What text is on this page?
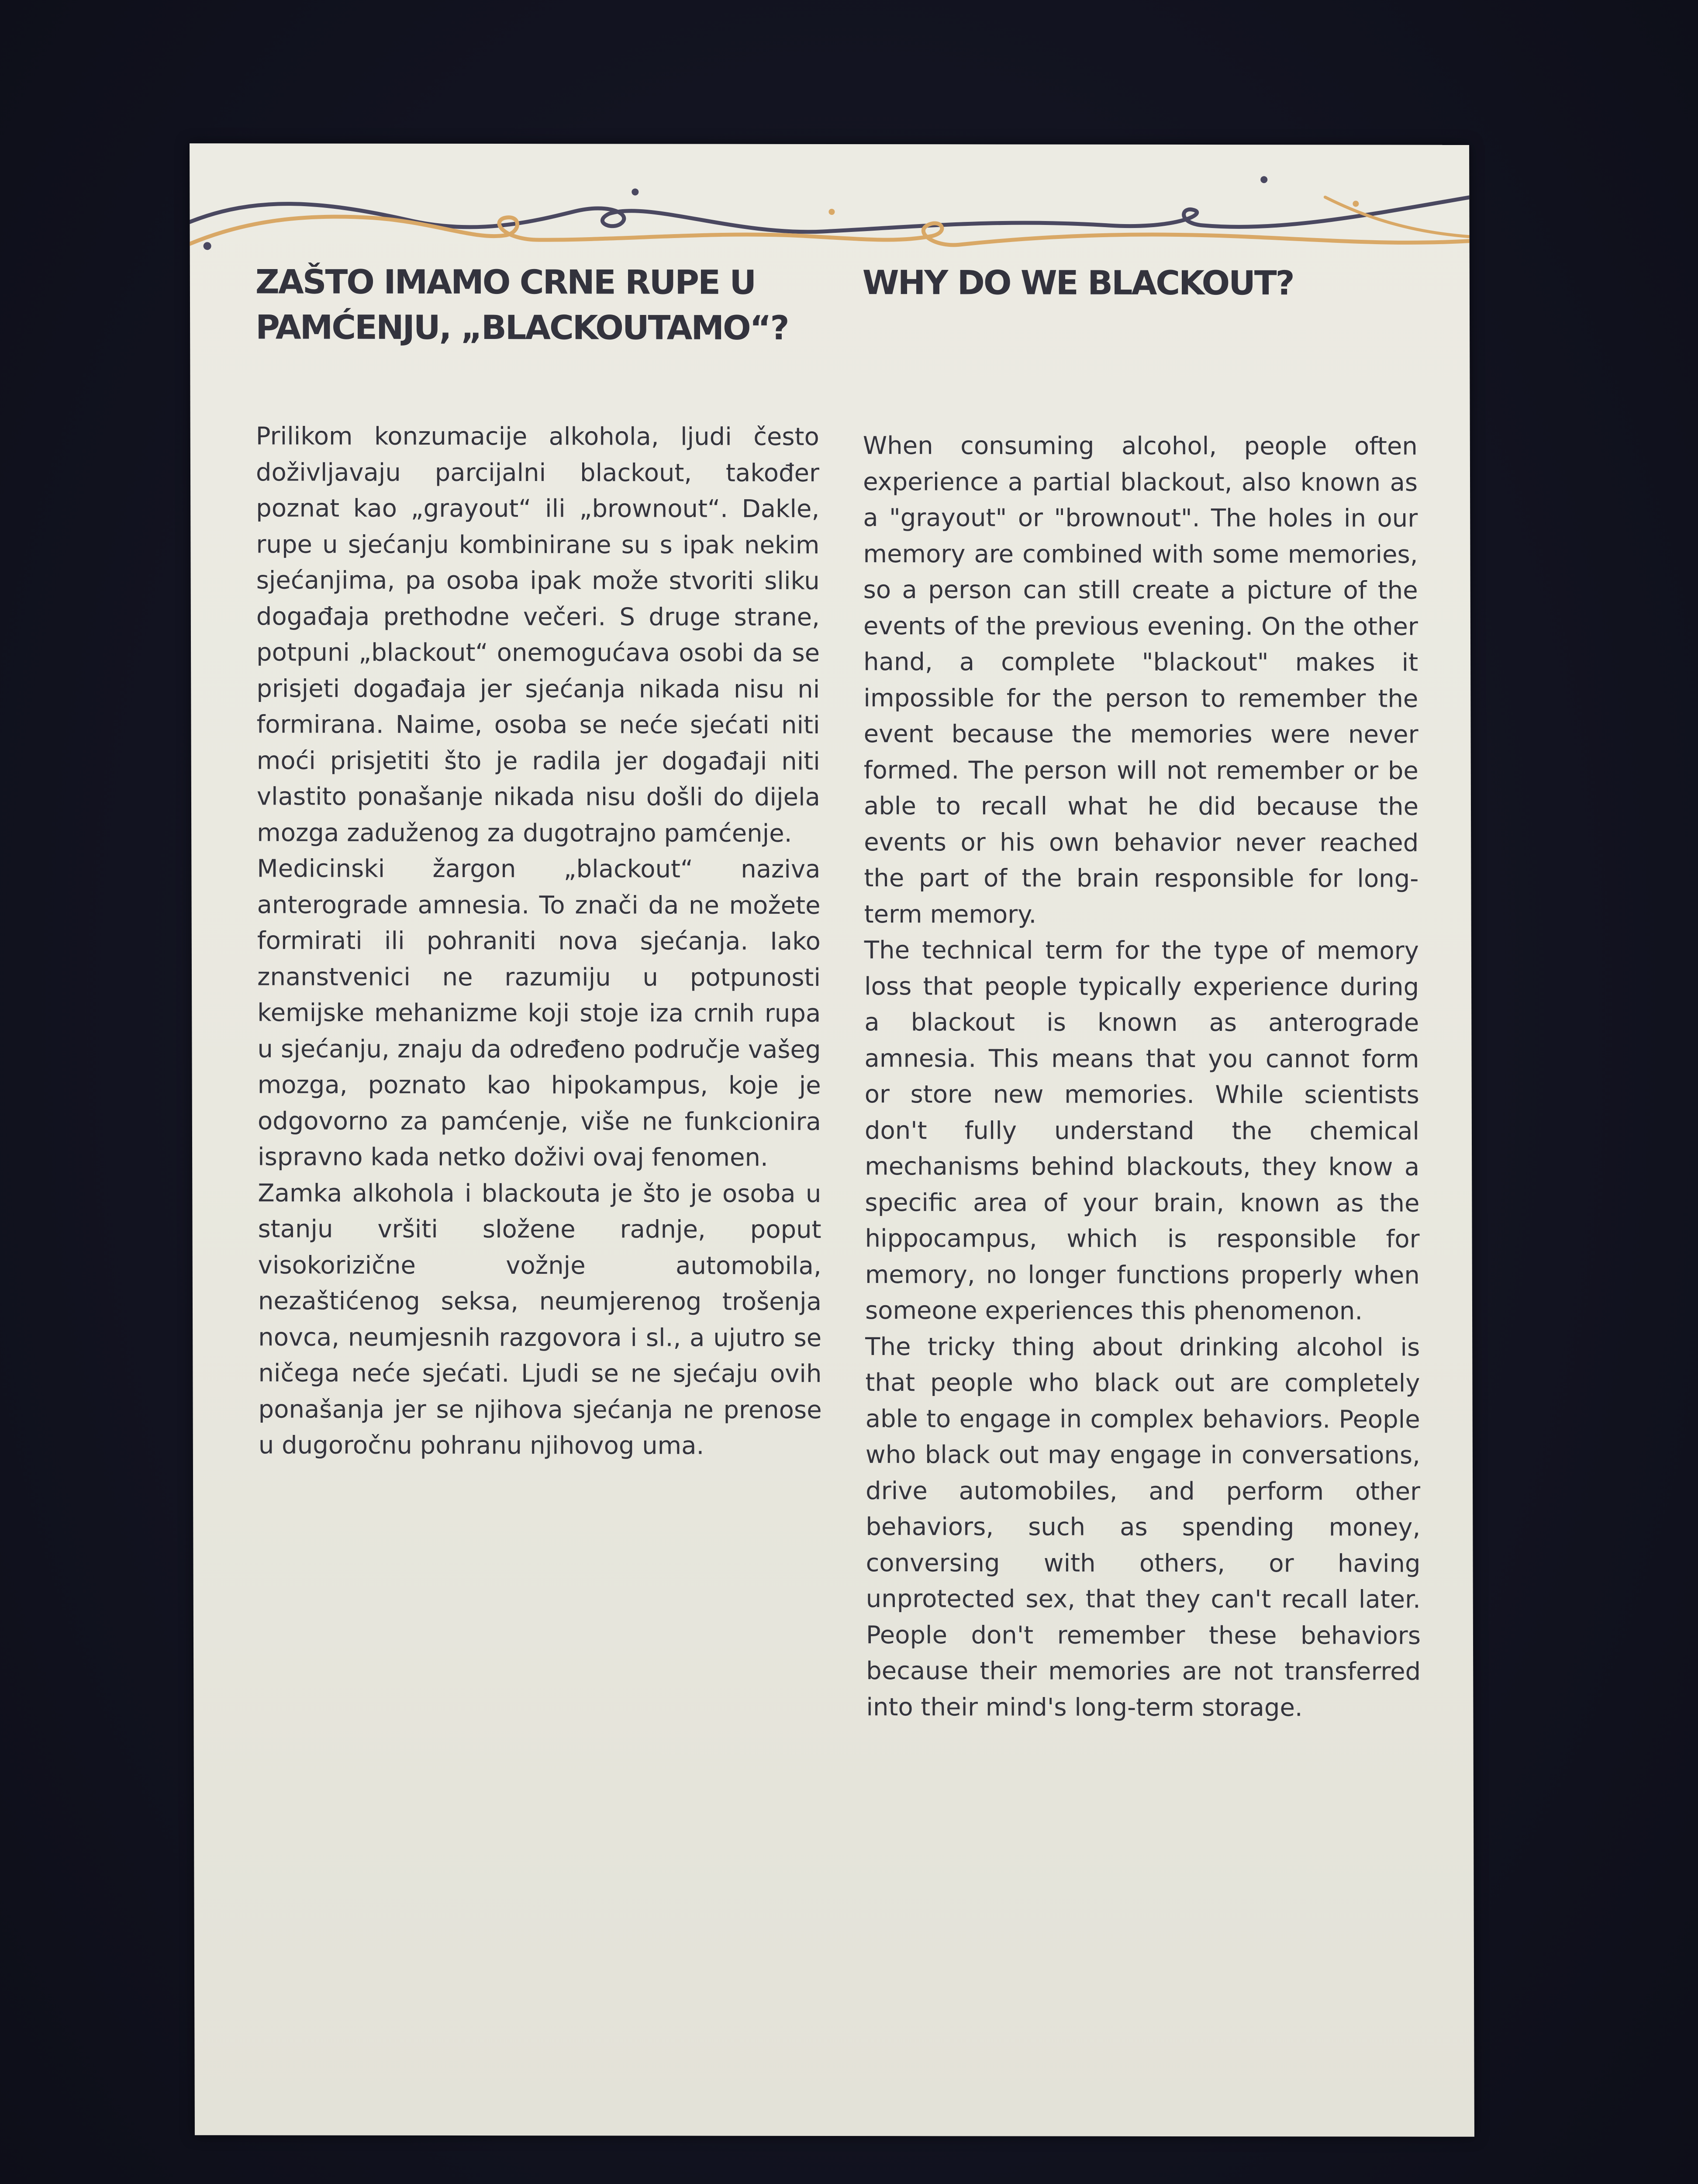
ZAŠTO IMAMO CRNE RUPE U PAMĆENJU, „BLACKOUTAMO“?

Prilikom konzumacije alkohola, ljudi često doživljavaju parcijalni blackout, također poznat kao „grayout“ ili „brownout“. Dakle, rupe u sjećanju kombinirane su s ipak nekim sjećanjima, pa osoba ipak može stvoriti sliku događaja prethodne večeri. S druge strane, potpuni „blackout“ onemogućava osobi da se prisjeti događaja jer sjećanja nikada nisu ni formirana. Naime, osoba se neće sjećati niti moći prisjetiti što je radila jer događaji niti vlastito ponašanje nikada nisu došli do dijela mozga zaduženog za dugotrajno pamćenje.

Medicinski žargon „blackout“ naziva anterograde amnesia. To znači da ne možete formirati ili pohraniti nova sjećanja. Iako znanstvenici ne razumiju u potpunosti kemijske mehanizme koji stoje iza crnih rupa u sjećanju, znaju da određeno područje vašeg mozga, poznato kao hipokampus, koje je odgovorno za pamćenje, više ne funkcionira ispravno kada netko doživi ovaj fenomen.

Zamka alkohola i blackouta je što je osoba u stanju vršiti složene radnje, poput visokorizične vožnje automobila, nezaštićenog seksa, neumjerenog trošenja novca, neumjesnih razgovora i sl., a ujutro se ničega neće sjećati. Ljudi se ne sjećaju ovih ponašanja jer se njihova sjećanja ne prenose u dugoročnu pohranu njihovog uma.

WHY DO WE BLACKOUT?

When consuming alcohol, people often experience a partial blackout, also known as a "grayout" or "brownout". The holes in our memory are combined with some memories, so a person can still create a picture of the events of the previous evening. On the other hand, a complete "blackout" makes it impossible for the person to remember the event because the memories were never formed. The person will not remember or be able to recall what he did because the events or his own behavior never reached the part of the brain responsible for long-term memory.

The technical term for the type of memory loss that people typically experience during a blackout is known as anterograde amnesia. This means that you cannot form or store new memories. While scientists don't fully understand the chemical mechanisms behind blackouts, they know a specific area of your brain, known as the hippocampus, which is responsible for memory, no longer functions properly when someone experiences this phenomenon.

The tricky thing about drinking alcohol is that people who black out are completely able to engage in complex behaviors. People who black out may engage in conversations, drive automobiles, and perform other behaviors, such as spending money, conversing with others, or having unprotected sex, that they can't recall later. People don't remember these behaviors because their memories are not transferred into their mind's long-term storage.
